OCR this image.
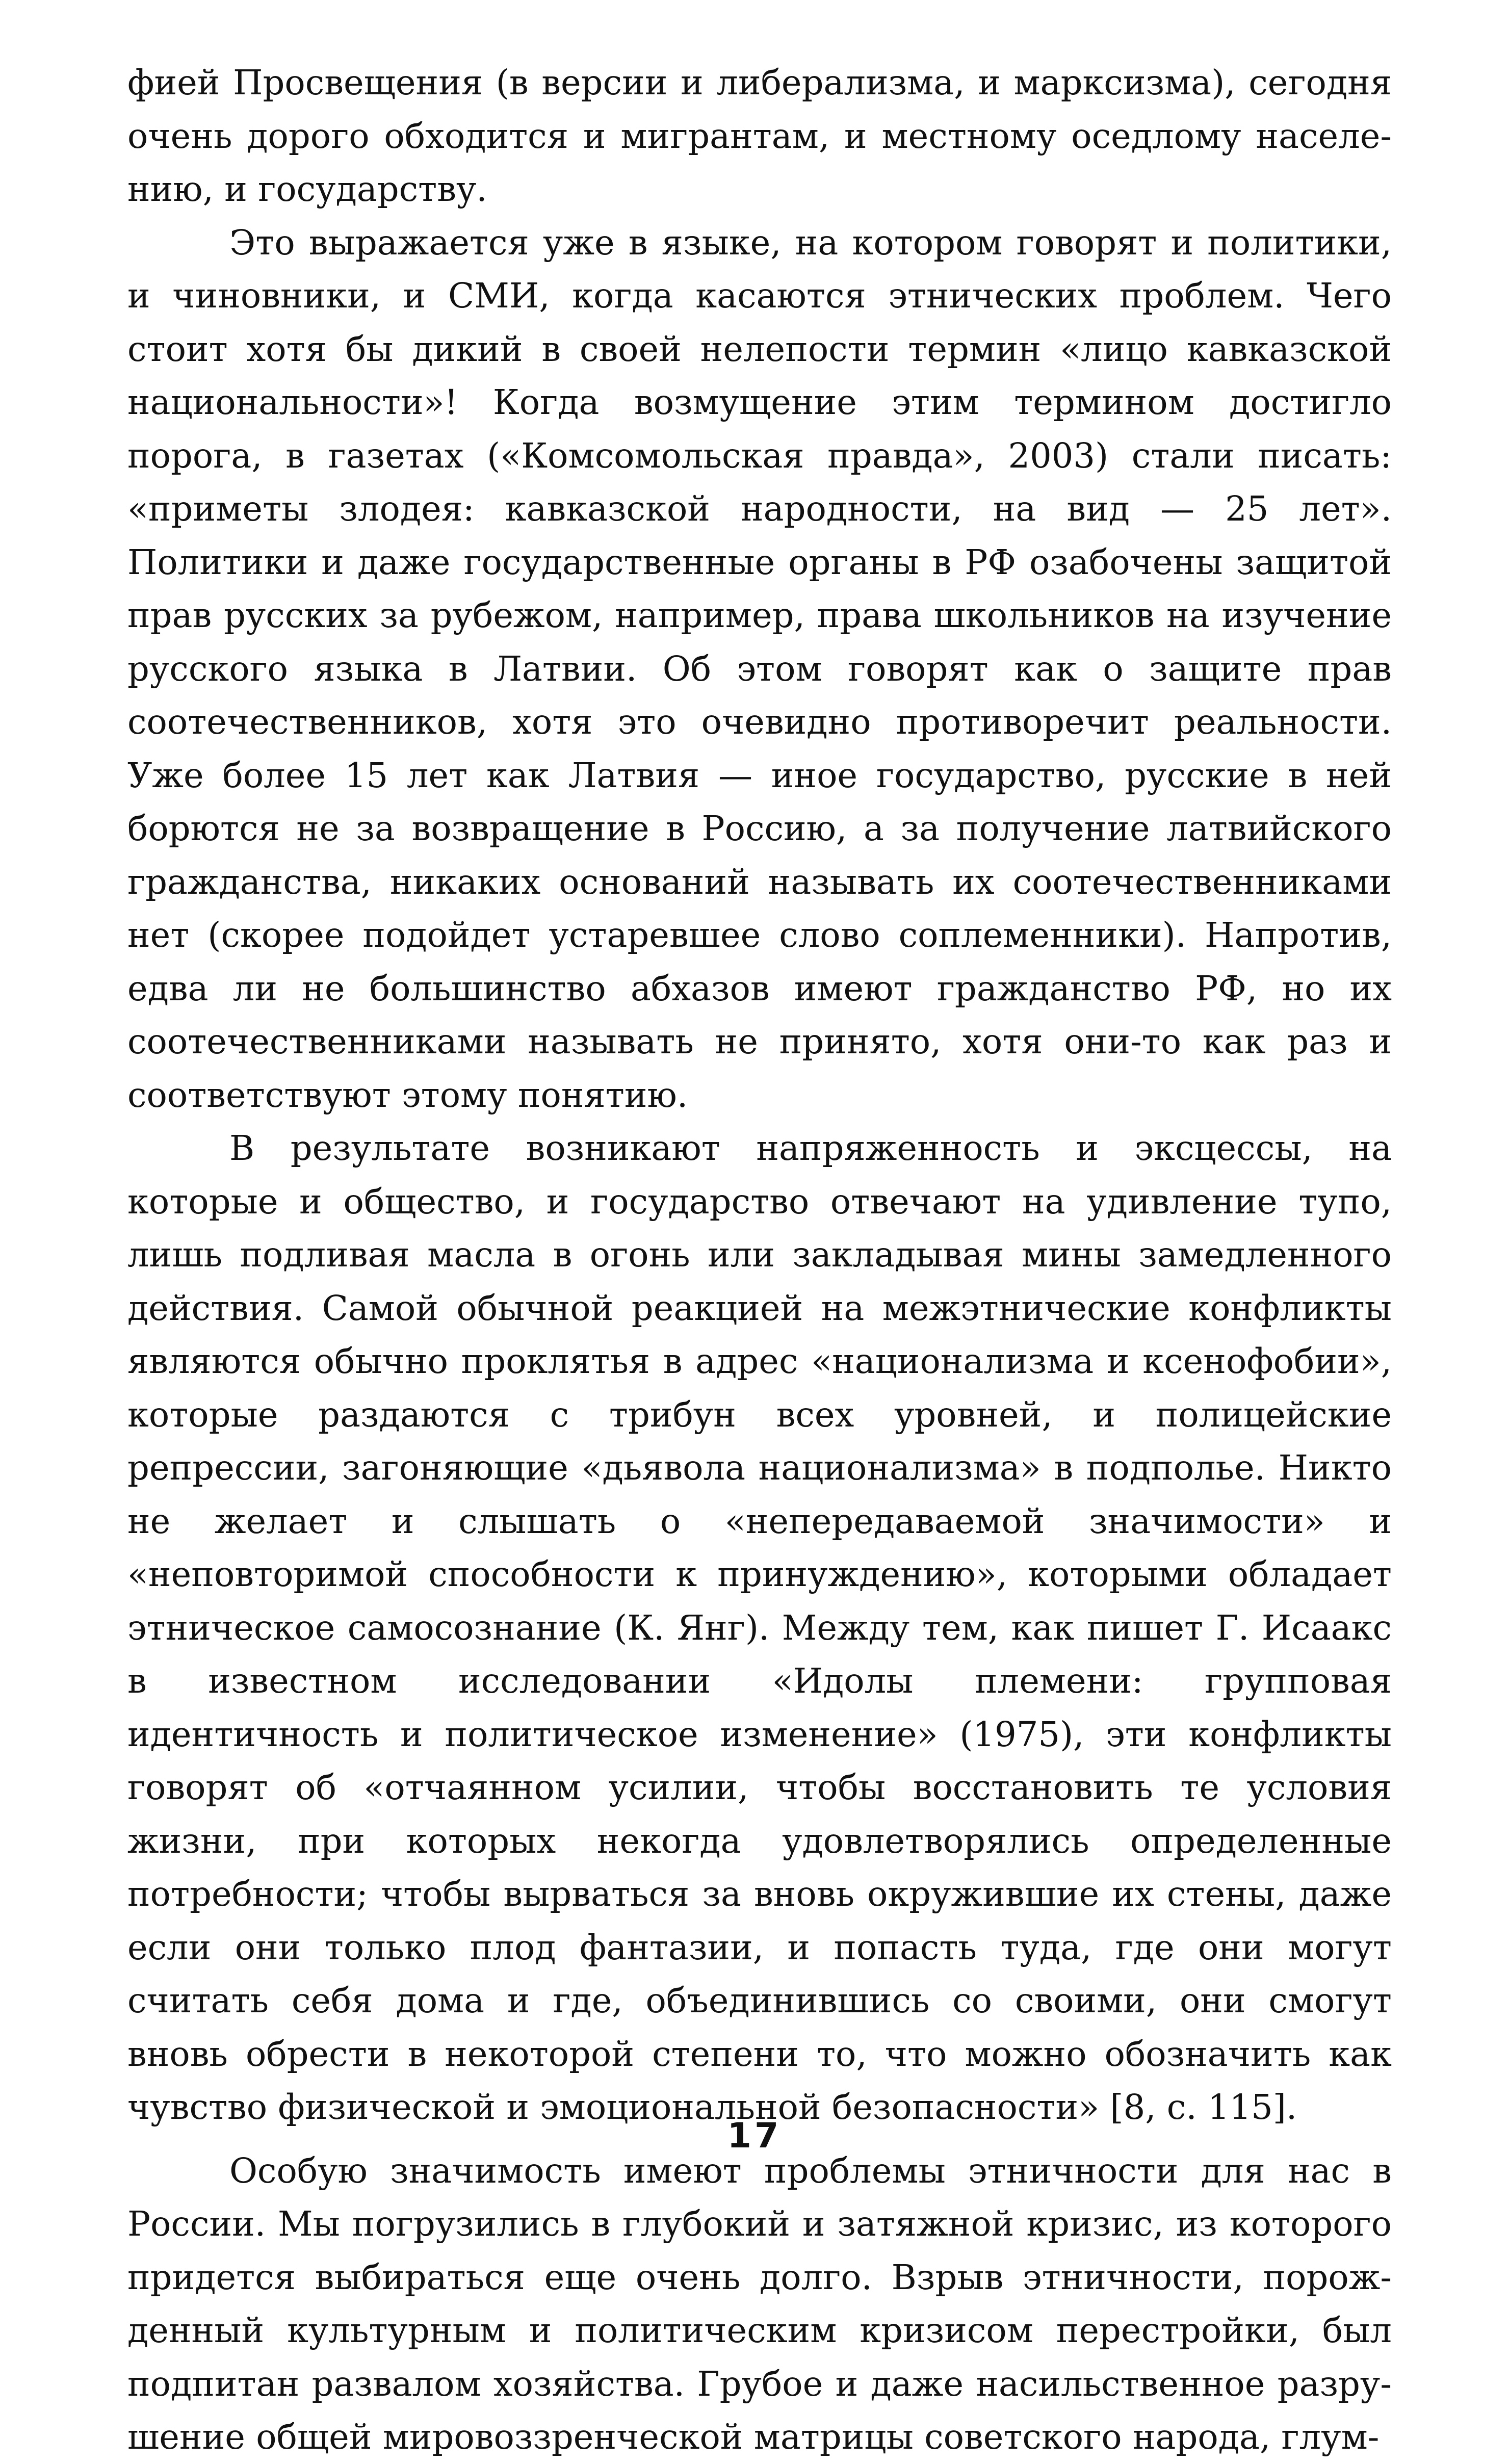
фией Просвещения (в версии и либерализма, и марксизма), сегодня очень дорого обходится и мигрантам, и местному оседлому населению, и государству.

Это выражается уже в языке, на котором говорят и политики, и чиновники, и СМИ, когда касаются этнических проблем. Чего стоит хотя бы дикий в своей нелепости термин «лицо кавказской национальности»! Когда возмущение этим термином достигло порога, в газетах («Комсомольская правда», 2003) стали писать: «приметы злодея: кавказской народности, на вид — 25 лет». Политики и даже государственные органы в РФ озабочены защитой прав русских за рубежом, например, права школьников на изучение русского языка в Латвии. Об этом говорят как о защите прав соотечественников, хотя это очевидно противоречит реальности. Уже более 15 лет как Латвия — иное государство, русские в ней борются не за возвращение в Россию, а за получение латвийского гражданства, никаких оснований называть их соотечественниками нет (скорее подойдет устаревшее слово соплеменники). Напротив, едва ли не большинство абхазов имеют гражданство РФ, но их соотечественниками называть не принято, хотя они-то как раз и соответствуют этому понятию.

В результате возникают напряженность и эксцессы, на которые и общество, и государство отвечают на удивление тупо, лишь подливая масла в огонь или закладывая мины замедленного действия. Самой обычной реакцией на межэтнические конфликты являются обычно проклятья в адрес «национализма и ксенофобии», которые раздаются с трибун всех уровней, и полицейские репрессии, загоняющие «дьявола национализма» в подполье. Никто не желает и слышать о «непередаваемой значимости» и «неповторимой способности к принуждению», которыми обладает этническое самосознание (К. Янг). Между тем, как пишет Г. Исаакс в известном исследовании «Идолы племени: групповая идентичность и политическое изменение» (1975), эти конфликты говорят об «отчаянном усилии, чтобы восстановить те условия жизни, при которых некогда удовлетворялись определенные потребности; чтобы вырваться за вновь окружившие их стены, даже если они только плод фантазии, и попасть туда, где они могут считать себя дома и где, объединившись со своими, они смогут вновь обрести в некоторой степени то, что можно обозначить как чувство физической и эмоциональной безопасности» [8, с. 115].

Особую значимость имеют проблемы этничности для нас в России. Мы погрузились в глубокий и затяжной кризис, из которого придется выбираться еще очень долго. Взрыв этничности, порожденный культурным и политическим кризисом перестройки, был подпитан развалом хозяйства. Грубое и даже насильственное разрушение общей мировоззренческой матрицы советского народа, глум-

17
